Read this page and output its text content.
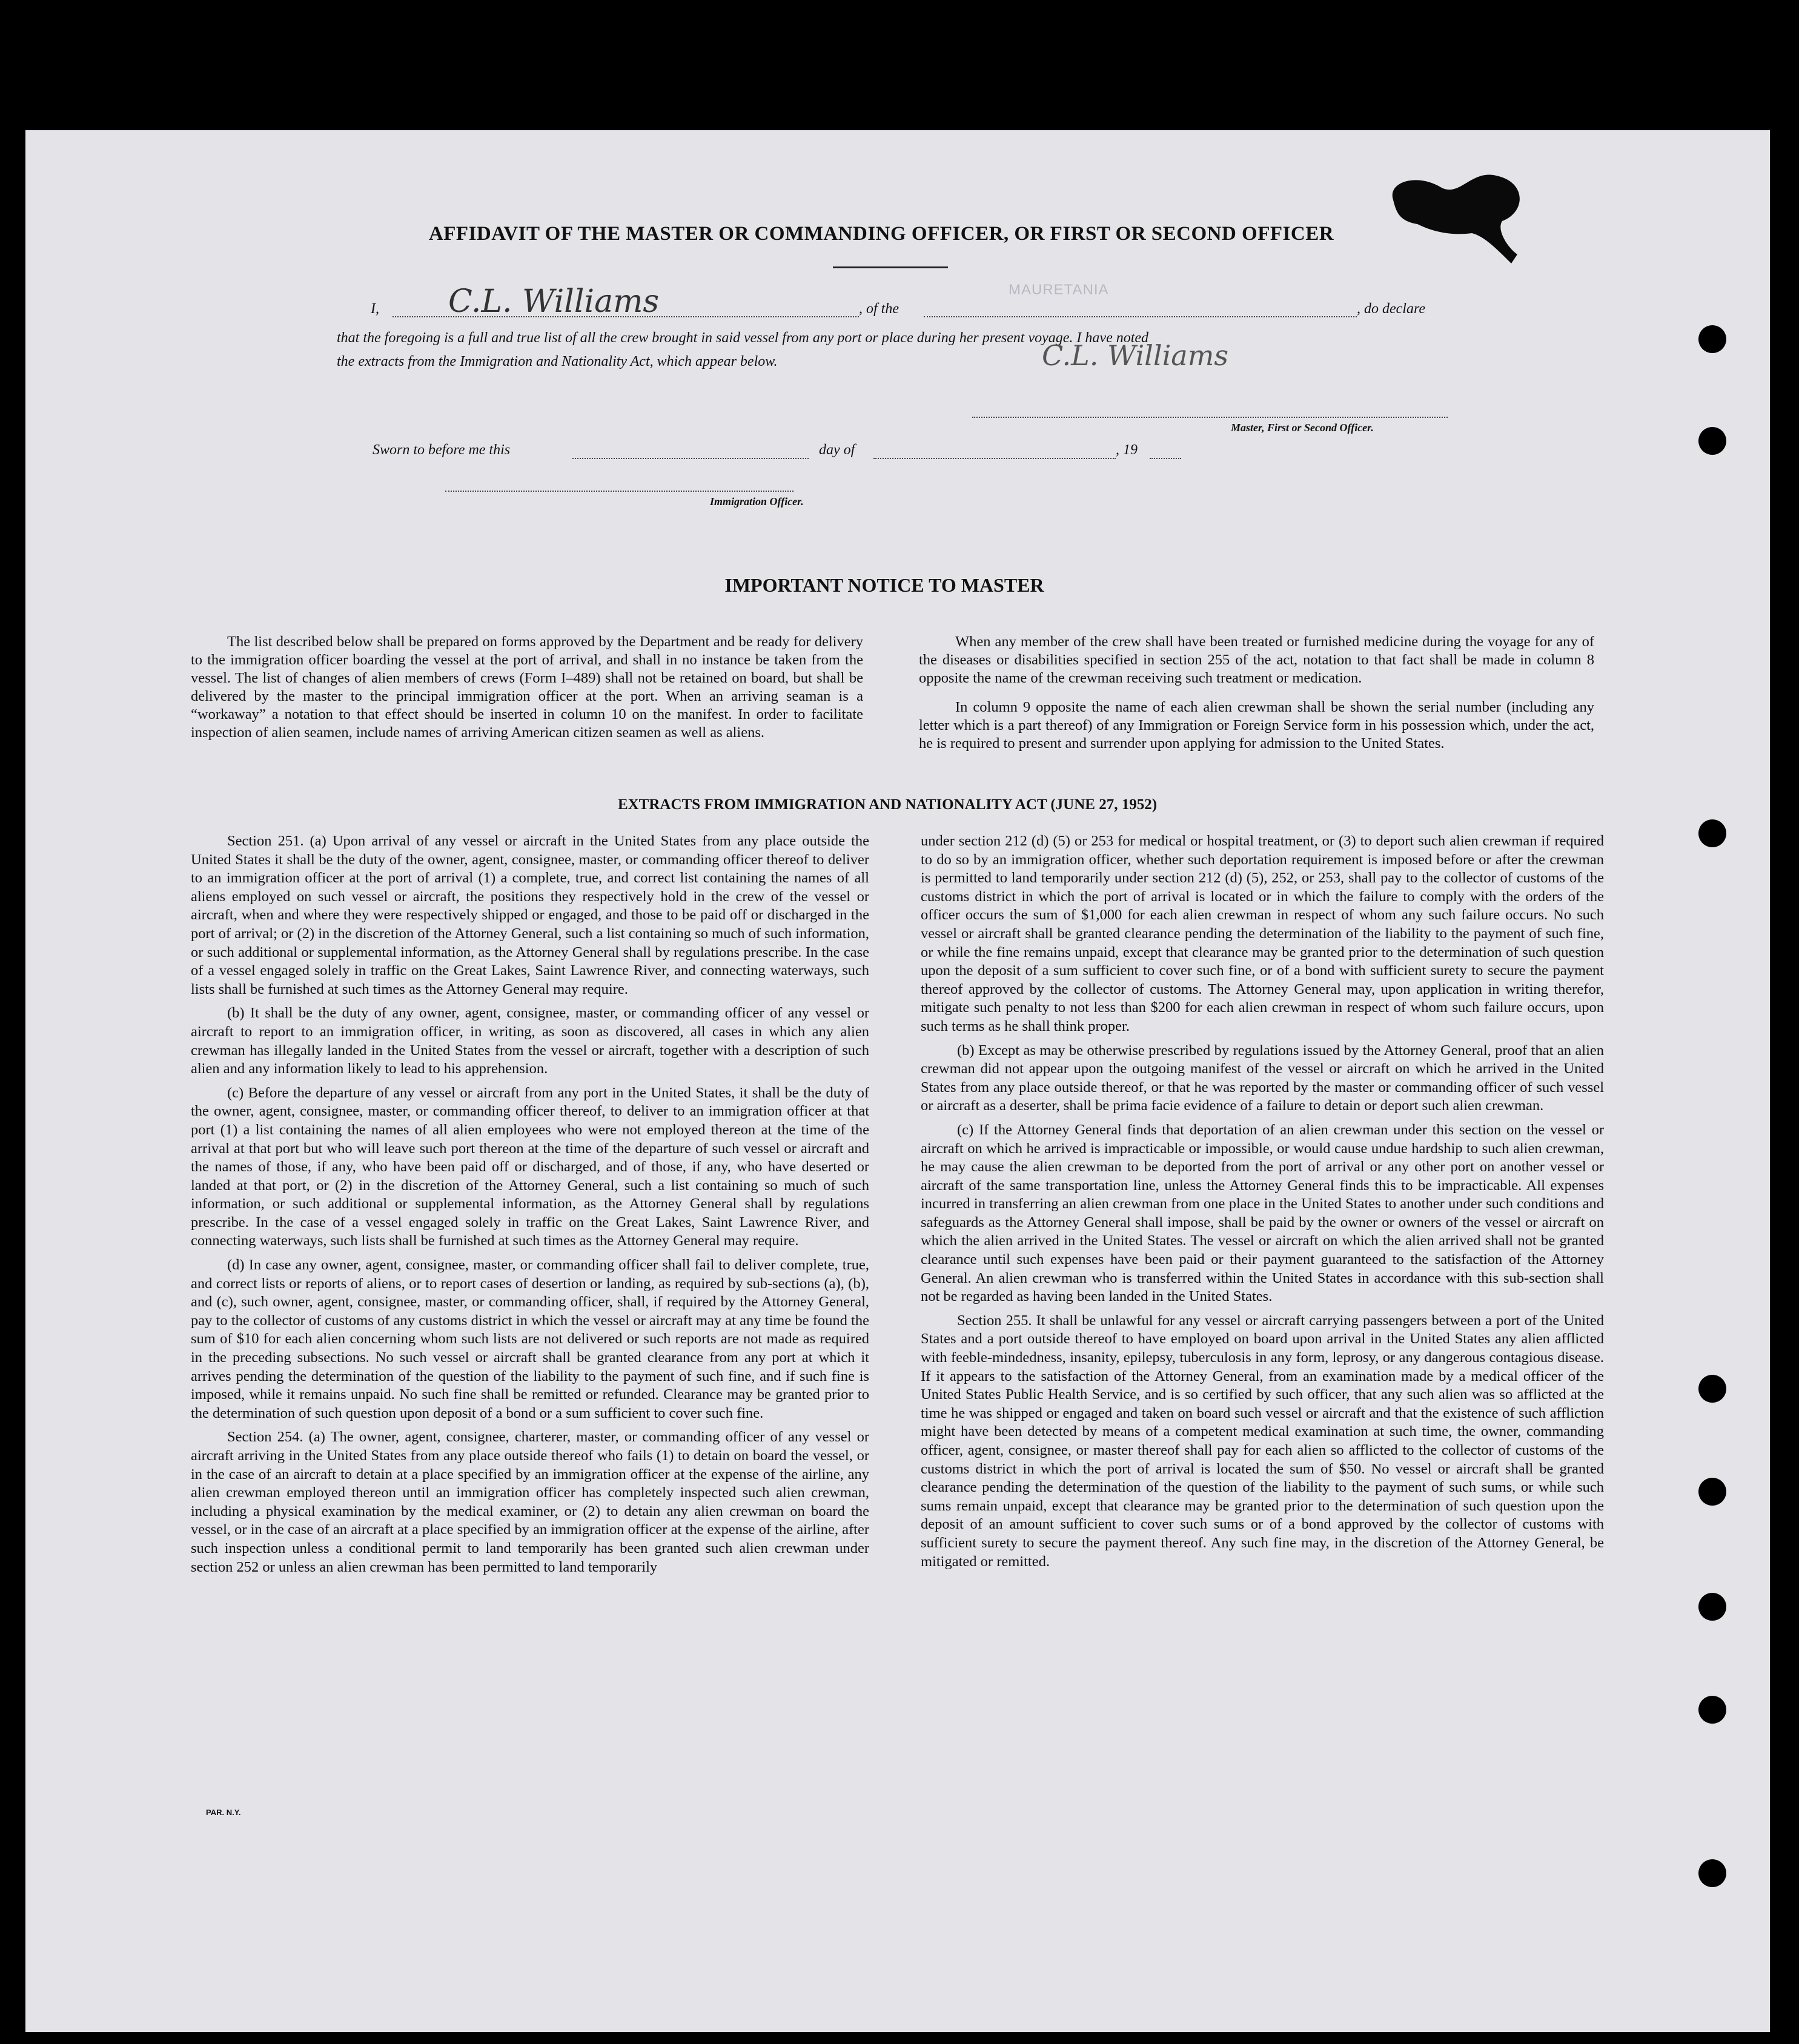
AFFIDAVIT OF THE MASTER OR COMMANDING OFFICER, OR FIRST OR SECOND OFFICER
I, C.L. Williams	, of the
MAURETANIA
, do declare
that the foregoing is a full and true list of all the crew brought in said vessel from any port or place during her present voyage. I have noted
the extracts from the Immigration and Nationality Act, which appear below.	C.L. Williams
Master, First or Second Officer.
Sworn to before me this	day of	, 19
Immigration Officer.
IMPORTANT NOTICE TO MASTER

The list described below shall be prepared on forms approved by the Department and be ready for delivery to the immigration officer boarding the vessel at the port of arrival, and shall in no instance be taken from the vessel. The list of changes of alien members of crews (Form I–489) shall not be retained on board, but shall be delivered by the master to the principal immigration officer at the port. When an arriving seaman is a “workaway” a notation to that effect should be inserted in column 10 on the manifest. In order to facilitate inspection of alien seamen, include names of arriving American citizen seamen as well as aliens.

When any member of the crew shall have been treated or furnished medicine during the voyage for any of the diseases or disabilities specified in section 255 of the act, notation to that fact shall be made in column 8 opposite the name of the crewman receiving such treatment or medication.

In column 9 opposite the name of each alien crewman shall be shown the serial number (including any letter which is a part thereof) of any Immigration or Foreign Service form in his possession which, under the act, he is required to present and surrender upon applying for admission to the United States.

EXTRACTS FROM IMMIGRATION AND NATIONALITY ACT (JUNE 27, 1952)

Section 251. (a) Upon arrival of any vessel or aircraft in the United States from any place outside the United States it shall be the duty of the owner, agent, consignee, master, or commanding officer thereof to deliver to an immigration officer at the port of arrival (1) a complete, true, and correct list containing the names of all aliens employed on such vessel or aircraft, the positions they respectively hold in the crew of the vessel or aircraft, when and where they were respectively shipped or engaged, and those to be paid off or discharged in the port of arrival; or (2) in the discretion of the Attorney General, such a list containing so much of such information, or such additional or supplemental information, as the Attorney General shall by regulations prescribe. In the case of a vessel engaged solely in traffic on the Great Lakes, Saint Lawrence River, and connecting waterways, such lists shall be furnished at such times as the Attorney General may require.

(b) It shall be the duty of any owner, agent, consignee, master, or commanding officer of any vessel or aircraft to report to an immigration officer, in writing, as soon as discovered, all cases in which any alien crewman has illegally landed in the United States from the vessel or aircraft, together with a description of such alien and any information likely to lead to his apprehension.

(c) Before the departure of any vessel or aircraft from any port in the United States, it shall be the duty of the owner, agent, consignee, master, or commanding officer thereof, to deliver to an immigration officer at that port (1) a list containing the names of all alien employees who were not employed thereon at the time of the arrival at that port but who will leave such port thereon at the time of the departure of such vessel or aircraft and the names of those, if any, who have been paid off or discharged, and of those, if any, who have deserted or landed at that port, or (2) in the discretion of the Attorney General, such a list containing so much of such information, or such additional or supplemental information, as the Attorney General shall by regulations prescribe. In the case of a vessel engaged solely in traffic on the Great Lakes, Saint Lawrence River, and connecting waterways, such lists shall be furnished at such times as the Attorney General may require.

(d) In case any owner, agent, consignee, master, or commanding officer shall fail to deliver complete, true, and correct lists or reports of aliens, or to report cases of desertion or landing, as required by sub-sections (a), (b), and (c), such owner, agent, consignee, master, or commanding officer, shall, if required by the Attorney General, pay to the collector of customs of any customs district in which the vessel or aircraft may at any time be found the sum of $10 for each alien concerning whom such lists are not delivered or such reports are not made as required in the preceding subsections. No such vessel or aircraft shall be granted clearance from any port at which it arrives pending the determination of the question of the liability to the payment of such fine, and if such fine is imposed, while it remains unpaid. No such fine shall be remitted or refunded. Clearance may be granted prior to the determination of such question upon deposit of a bond or a sum sufficient to cover such fine.

Section 254. (a) The owner, agent, consignee, charterer, master, or commanding officer of any vessel or aircraft arriving in the United States from any place outside thereof who fails (1) to detain on board the vessel, or in the case of an aircraft to detain at a place specified by an immigration officer at the expense of the airline, any alien crewman employed thereon until an immigration officer has completely inspected such alien crewman, including a physical examination by the medical examiner, or (2) to detain any alien crewman on board the vessel, or in the case of an aircraft at a place specified by an immigration officer at the expense of the airline, after such inspection unless a conditional permit to land temporarily has been granted such alien crewman under section 252 or unless an alien crewman has been permitted to land temporarily

under section 212 (d) (5) or 253 for medical or hospital treatment, or (3) to deport such alien crewman if required to do so by an immigration officer, whether such deportation requirement is imposed before or after the crewman is permitted to land temporarily under section 212 (d) (5), 252, or 253, shall pay to the collector of customs of the customs district in which the port of arrival is located or in which the failure to comply with the orders of the officer occurs the sum of $1,000 for each alien crewman in respect of whom any such failure occurs. No such vessel or aircraft shall be granted clearance pending the determination of the liability to the payment of such fine, or while the fine remains unpaid, except that clearance may be granted prior to the determination of such question upon the deposit of a sum sufficient to cover such fine, or of a bond with sufficient surety to secure the payment thereof approved by the collector of customs. The Attorney General may, upon application in writing therefor, mitigate such penalty to not less than $200 for each alien crewman in respect of whom such failure occurs, upon such terms as he shall think proper.

(b) Except as may be otherwise prescribed by regulations issued by the Attorney General, proof that an alien crewman did not appear upon the outgoing manifest of the vessel or aircraft on which he arrived in the United States from any place outside thereof, or that he was reported by the master or commanding officer of such vessel or aircraft as a deserter, shall be prima facie evidence of a failure to detain or deport such alien crewman.

(c) If the Attorney General finds that deportation of an alien crewman under this section on the vessel or aircraft on which he arrived is impracticable or impossible, or would cause undue hardship to such alien crewman, he may cause the alien crewman to be deported from the port of arrival or any other port on another vessel or aircraft of the same transportation line, unless the Attorney General finds this to be impracticable. All expenses incurred in transferring an alien crewman from one place in the United States to another under such conditions and safeguards as the Attorney General shall impose, shall be paid by the owner or owners of the vessel or aircraft on which the alien arrived in the United States. The vessel or aircraft on which the alien arrived shall not be granted clearance until such expenses have been paid or their payment guaranteed to the satisfaction of the Attorney General. An alien crewman who is transferred within the United States in accordance with this sub-section shall not be regarded as having been landed in the United States.

Section 255. It shall be unlawful for any vessel or aircraft carrying passengers between a port of the United States and a port outside thereof to have employed on board upon arrival in the United States any alien afflicted with feeble-mindedness, insanity, epilepsy, tuberculosis in any form, leprosy, or any dangerous contagious disease. If it appears to the satisfaction of the Attorney General, from an examination made by a medical officer of the United States Public Health Service, and is so certified by such officer, that any such alien was so afflicted at the time he was shipped or engaged and taken on board such vessel or aircraft and that the existence of such affliction might have been detected by means of a competent medical examination at such time, the owner, commanding officer, agent, consignee, or master thereof shall pay for each alien so afflicted to the collector of customs of the customs district in which the port of arrival is located the sum of $50. No vessel or aircraft shall be granted clearance pending the determination of the question of the liability to the payment of such sums, or while such sums remain unpaid, except that clearance may be granted prior to the determination of such question upon the deposit of an amount sufficient to cover such sums or of a bond approved by the collector of customs with sufficient surety to secure the payment thereof. Any such fine may, in the discretion of the Attorney General, be mitigated or remitted.

PAR. N.Y.
